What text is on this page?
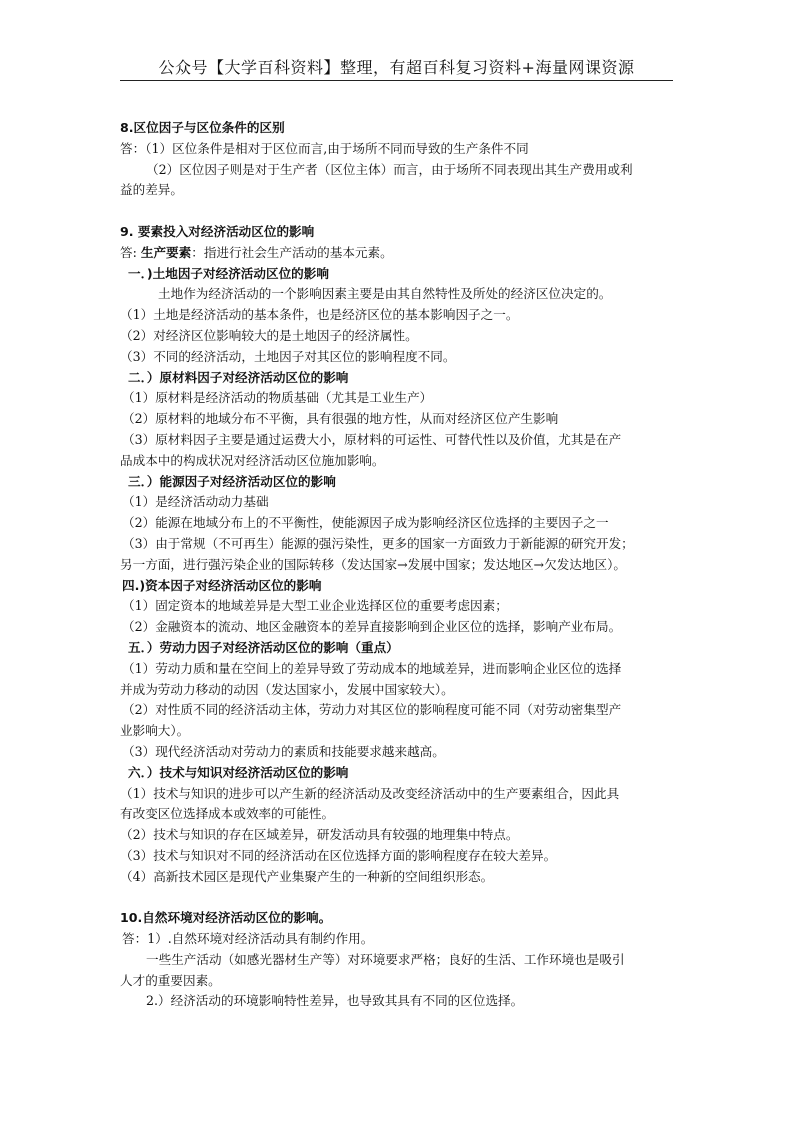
公众号【大学百科资料】整理，有超百科复习资料+海量网课资源
8.区位因子与区位条件的区别
答：（1）区位条件是相对于区位而言,由于场所不同而导致的生产条件不同
（2）区位因子则是对于生产者（区位主体）而言，由于场所不同表现出其生产费用或利
益的差异。
9. 要素投入对经济活动区位的影响
答: 生产要素：指进行社会生产活动的基本元素。
一．)土地因子对经济活动区位的影响
土地作为经济活动的一个影响因素主要是由其自然特性及所处的经济区位决定的。
（1）土地是经济活动的基本条件，也是经济区位的基本影响因子之一。
（2）对经济区位影响较大的是土地因子的经济属性。
（3）不同的经济活动，土地因子对其区位的影响程度不同。
二．）原材料因子对经济活动区位的影响
（1）原材料是经济活动的物质基础（尤其是工业生产）
（2）原材料的地域分布不平衡，具有很强的地方性，从而对经济区位产生影响
（3）原材料因子主要是通过运费大小，原材料的可运性、可替代性以及价值，尤其是在产
品成本中的构成状况对经济活动区位施加影响。
三．）能源因子对经济活动区位的影响
（1）是经济活动动力基础
（2）能源在地域分布上的不平衡性，使能源因子成为影响经济区位选择的主要因子之一
（3）由于常规（不可再生）能源的强污染性，更多的国家一方面致力于新能源的研究开发；
另一方面，进行强污染企业的国际转移（发达国家→发展中国家；发达地区→欠发达地区）。
四.)资本因子对经济活动区位的影响
（1）固定资本的地域差异是大型工业企业选择区位的重要考虑因素；
（2）金融资本的流动、地区金融资本的差异直接影响到企业区位的选择，影响产业布局。
五．）劳动力因子对经济活动区位的影响（重点）
（1）劳动力质和量在空间上的差异导致了劳动成本的地域差异，进而影响企业区位的选择
并成为劳动力移动的动因（发达国家小，发展中国家较大）。
（2）对性质不同的经济活动主体，劳动力对其区位的影响程度可能不同（对劳动密集型产
业影响大）。
（3）现代经济活动对劳动力的素质和技能要求越来越高。
六．）技术与知识对经济活动区位的影响
（1）技术与知识的进步可以产生新的经济活动及改变经济活动中的生产要素组合，因此具
有改变区位选择成本或效率的可能性。
（2）技术与知识的存在区域差异，研发活动具有较强的地理集中特点。
（3）技术与知识对不同的经济活动在区位选择方面的影响程度存在较大差异。
（4）高新技术园区是现代产业集聚产生的一种新的空间组织形态。
10.自然环境对经济活动区位的影响。
答：1）.自然环境对经济活动具有制约作用。
一些生产活动（如感光器材生产等）对环境要求严格；良好的生活、工作环境也是吸引
人才的重要因素。
2.）经济活动的环境影响特性差异，也导致其具有不同的区位选择。
